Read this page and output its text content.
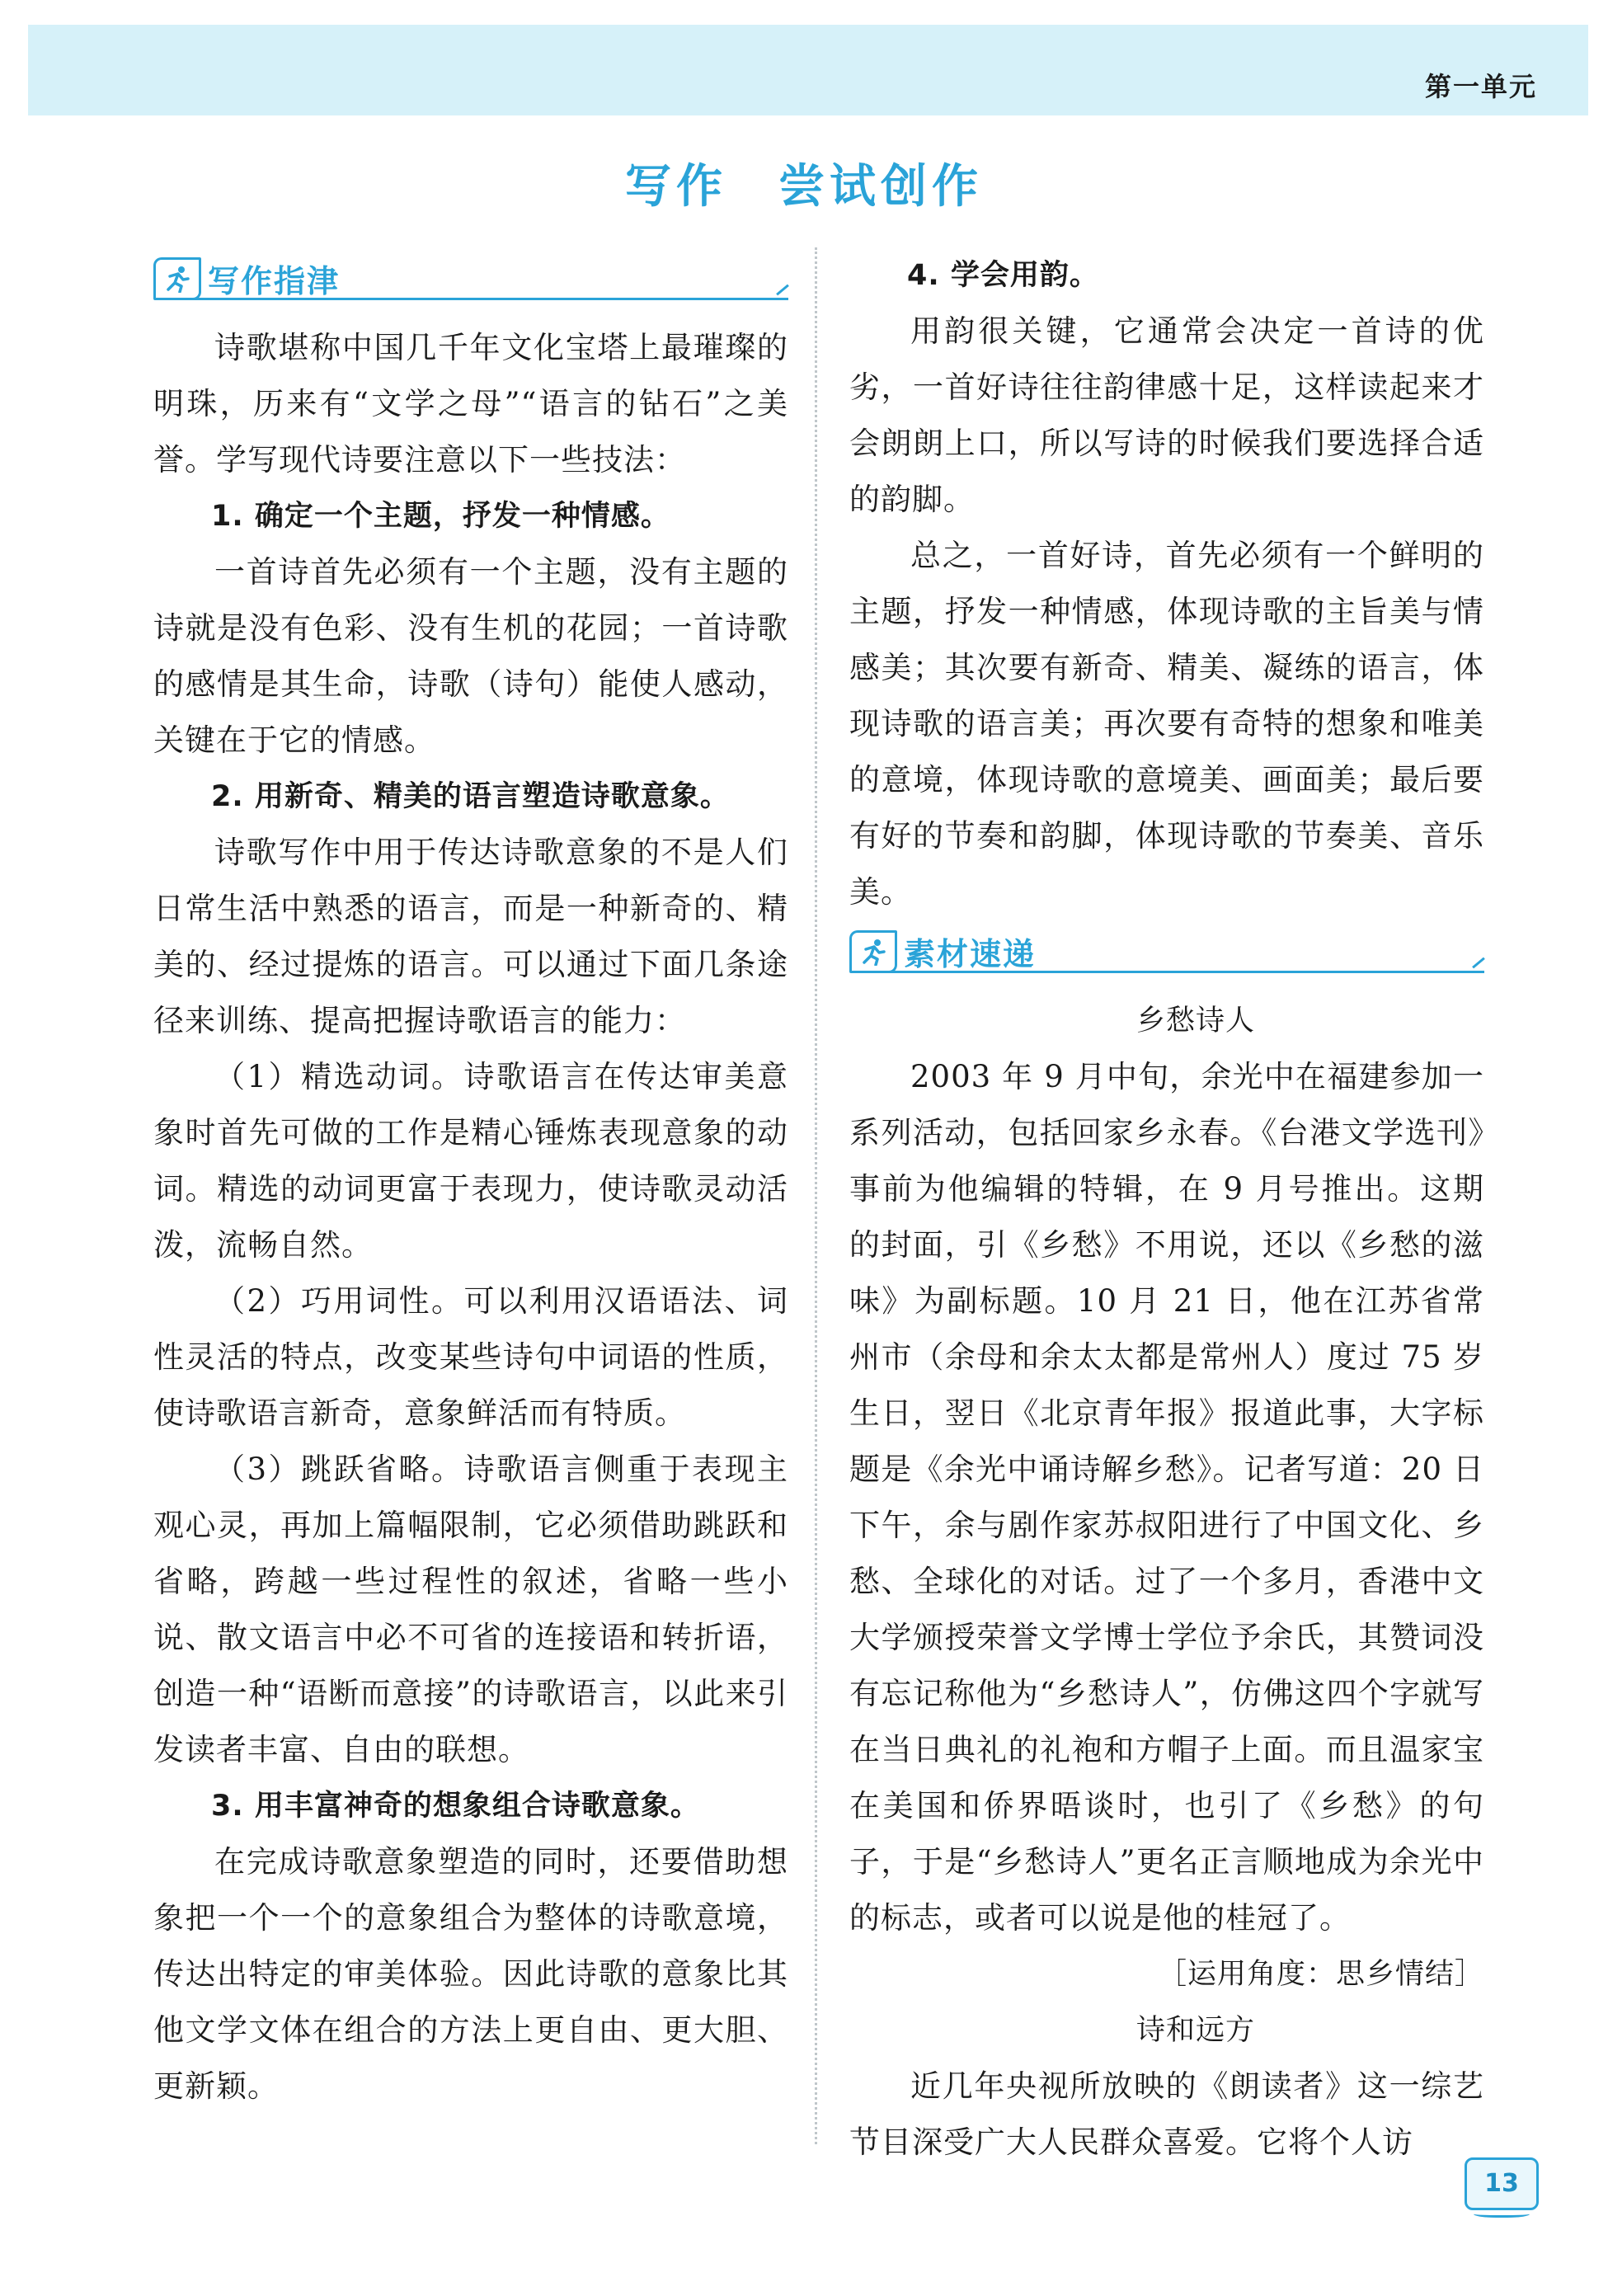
第一单元
写作　尝试创作
写作指津

诗歌堪称中国几千年文化宝塔上最璀璨的明珠，历来有“文学之母”“语言的钻石”之美誉。学写现代诗要注意以下一些技法：

1. 确定一个主题，抒发一种情感。

一首诗首先必须有一个主题，没有主题的诗就是没有色彩、没有生机的花园；一首诗歌的感情是其生命，诗歌（诗句）能使人感动，关键在于它的情感。

2. 用新奇、精美的语言塑造诗歌意象。

诗歌写作中用于传达诗歌意象的不是人们日常生活中熟悉的语言，而是一种新奇的、精美的、经过提炼的语言。可以通过下面几条途径来训练、提高把握诗歌语言的能力：

（1）精选动词。诗歌语言在传达审美意象时首先可做的工作是精心锤炼表现意象的动词。精选的动词更富于表现力，使诗歌灵动活泼，流畅自然。

（2）巧用词性。可以利用汉语语法、词性灵活的特点，改变某些诗句中词语的性质，使诗歌语言新奇，意象鲜活而有特质。

（3）跳跃省略。诗歌语言侧重于表现主观心灵，再加上篇幅限制，它必须借助跳跃和省略，跨越一些过程性的叙述，省略一些小说、散文语言中必不可省的连接语和转折语，创造一种“语断而意接”的诗歌语言，以此来引发读者丰富、自由的联想。

3. 用丰富神奇的想象组合诗歌意象。

在完成诗歌意象塑造的同时，还要借助想象把一个一个的意象组合为整体的诗歌意境，传达出特定的审美体验。因此诗歌的意象比其他文学文体在组合的方法上更自由、更大胆、更新颖。

4. 学会用韵。

用韵很关键，它通常会决定一首诗的优劣，一首好诗往往韵律感十足，这样读起来才会朗朗上口，所以写诗的时候我们要选择合适的韵脚。

总之，一首好诗，首先必须有一个鲜明的主题，抒发一种情感，体现诗歌的主旨美与情感美；其次要有新奇、精美、凝练的语言，体现诗歌的语言美；再次要有奇特的想象和唯美的意境，体现诗歌的意境美、画面美；最后要有好的节奏和韵脚，体现诗歌的节奏美、音乐美。

素材速递

乡愁诗人

2003 年 9 月中旬，余光中在福建参加一系列活动，包括回家乡永春。《台港文学选刊》事前为他编辑的特辑，在 9 月号推出。这期的封面，引《乡愁》不用说，还以《乡愁的滋味》为副标题。10 月 21 日，他在江苏省常州市（余母和余太太都是常州人）度过 75 岁生日，翌日《北京青年报》报道此事，大字标题是《余光中诵诗解乡愁》。记者写道：20 日下午，余与剧作家苏叔阳进行了中国文化、乡愁、全球化的对话。过了一个多月，香港中文大学颁授荣誉文学博士学位予余氏，其赞词没有忘记称他为“乡愁诗人”，仿佛这四个字就写在当日典礼的礼袍和方帽子上面。而且温家宝在美国和侨界晤谈时，也引了《乡愁》的句子，于是“乡愁诗人”更名正言顺地成为余光中的标志，或者可以说是他的桂冠了。

［运用角度：思乡情结］

诗和远方

近几年央视所放映的《朗读者》这一综艺节目深受广大人民群众喜爱。它将个人访

13
